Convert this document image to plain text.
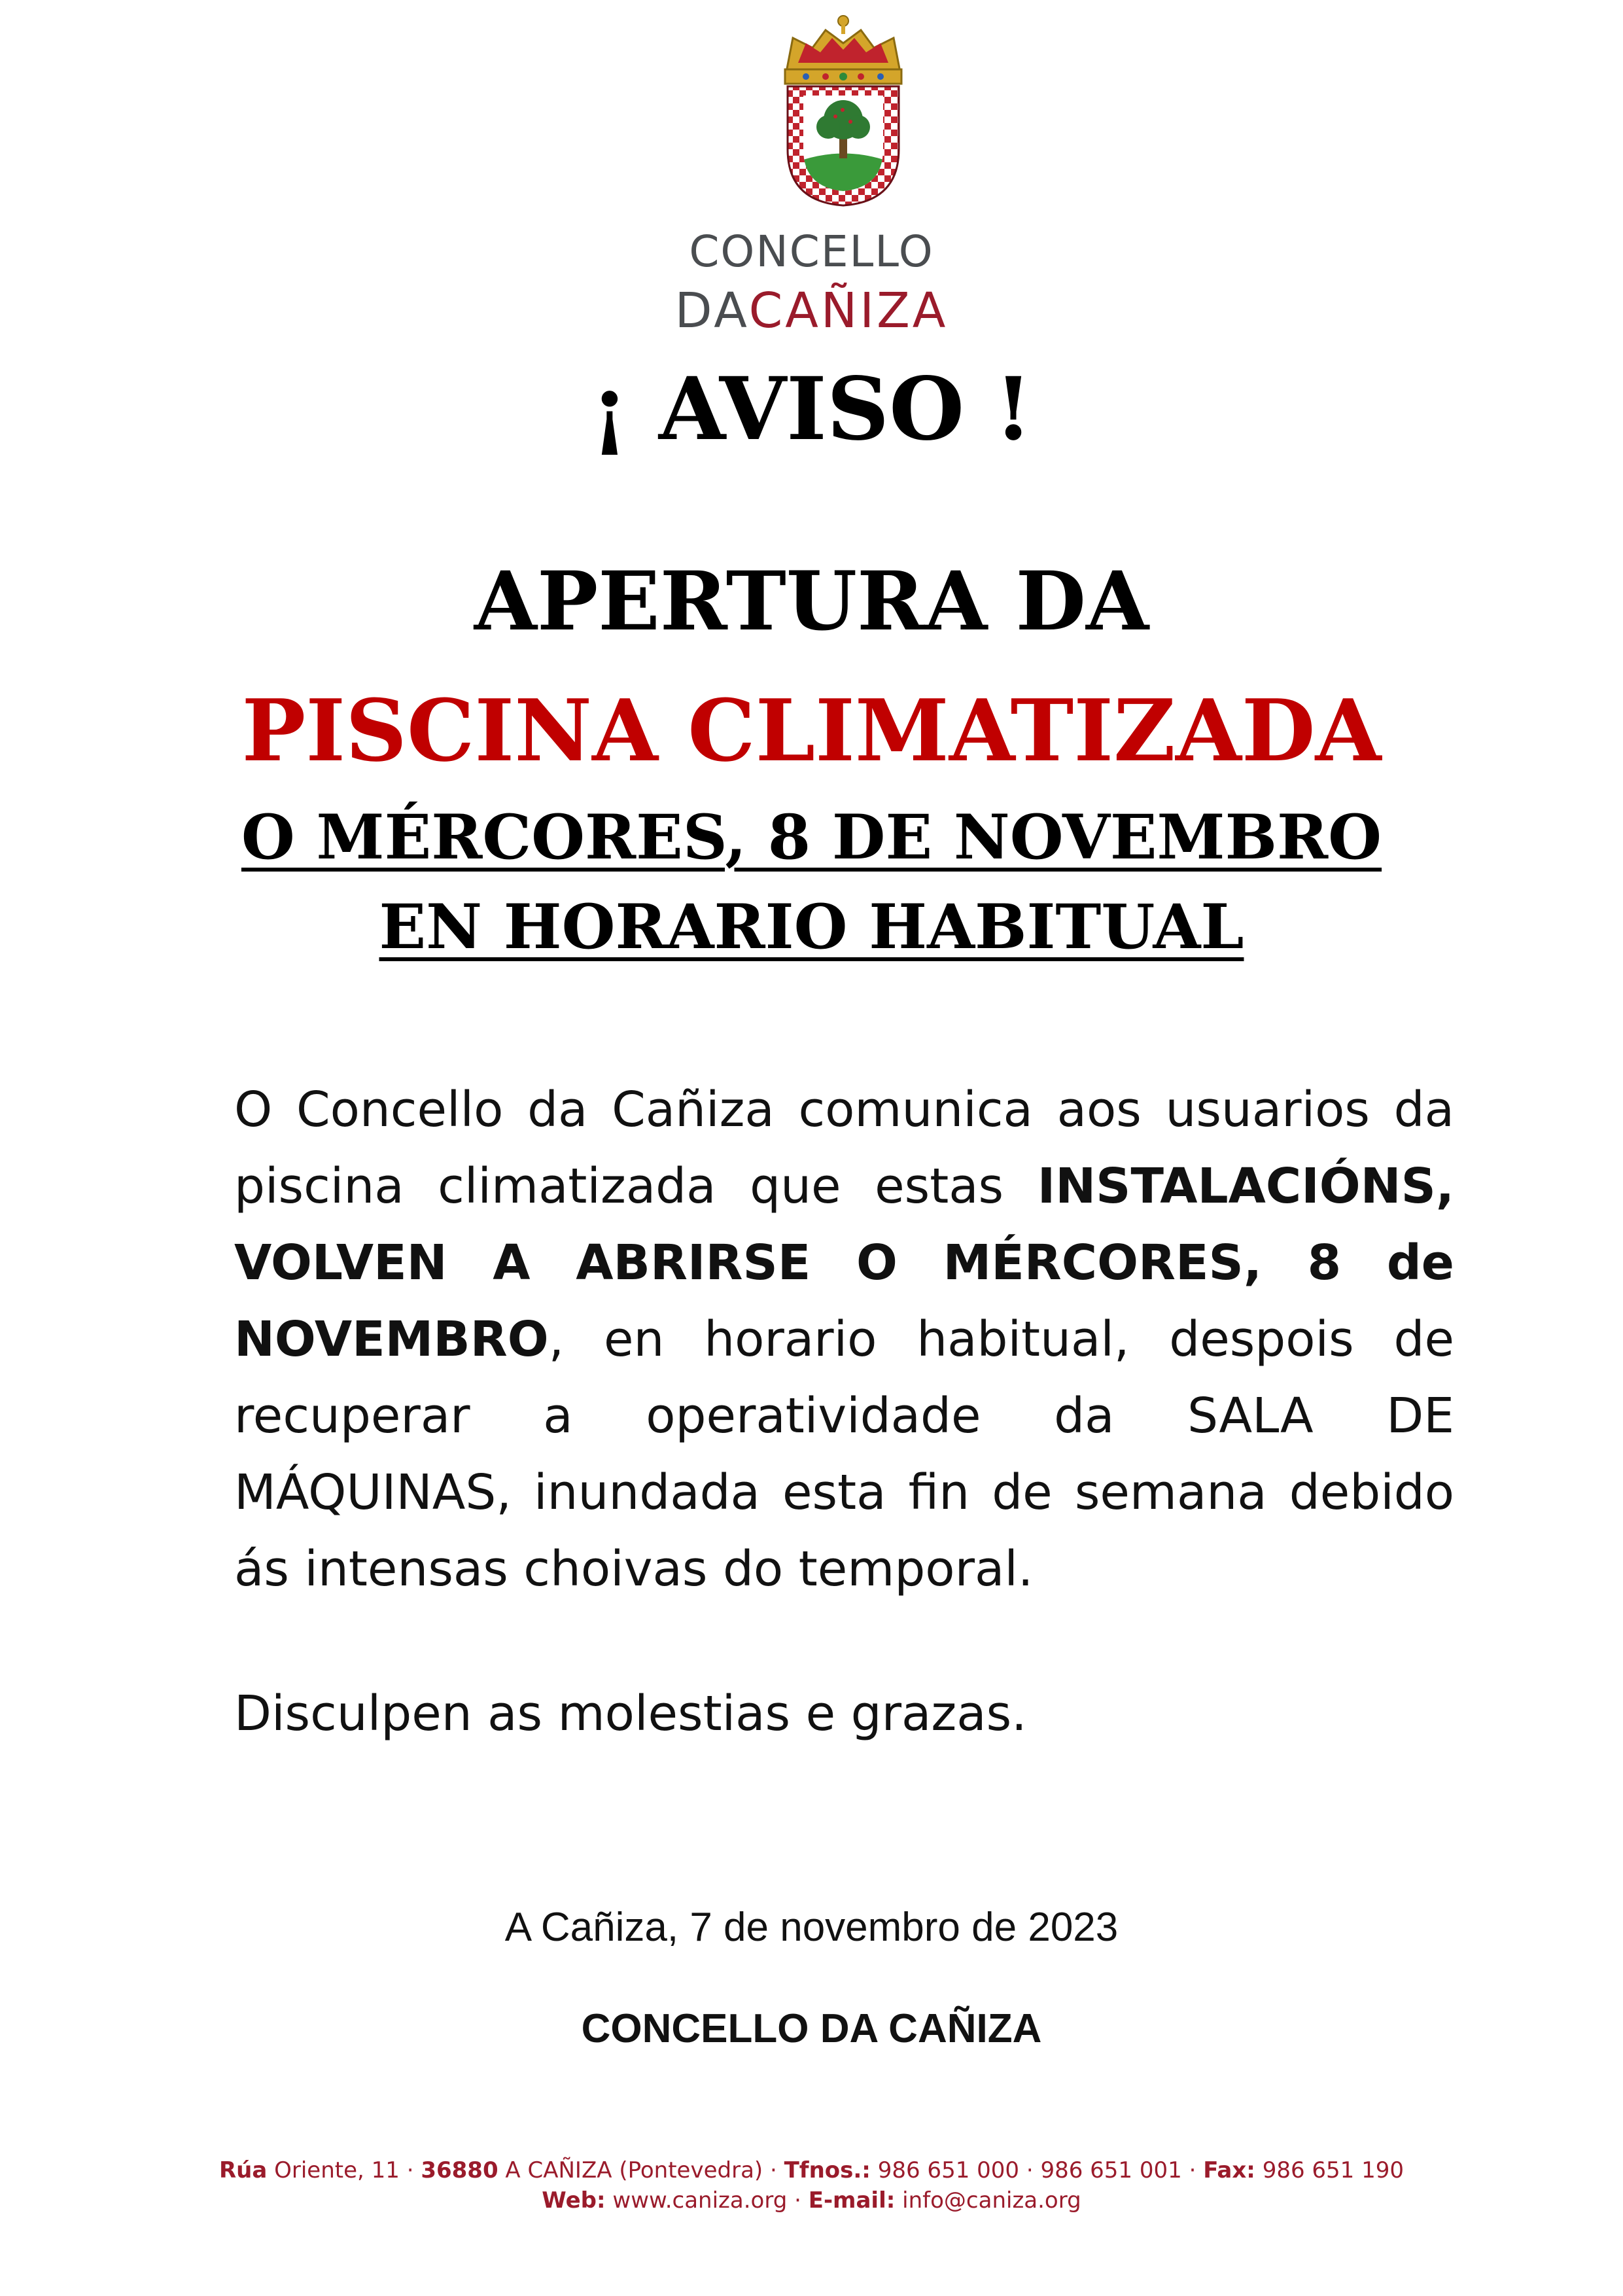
CONCELLO
DACAÑIZA
¡ AVISO !
APERTURA DA
PISCINA CLIMATIZADA
O MÉRCORES, 8 DE NOVEMBRO
EN HORARIO HABITUAL
O Concello da Cañiza comunica aos usuarios da piscina climatizada que estas INSTALACIÓNS, VOLVEN A ABRIRSE O MÉRCORES, 8 de NOVEMBRO, en horario habitual, despois de recuperar a operatividade da SALA DE MÁQUINAS, inundada esta fin de semana debido ás intensas choivas do temporal.
Disculpen as molestias e grazas.
A Cañiza, 7 de novembro de 2023
CONCELLO DA CAÑIZA
Rúa Oriente, 11 · 36880 A CAÑIZA (Pontevedra) · Tfnos.: 986 651 000 · 986 651 001 · Fax: 986 651 190
Web: www.caniza.org · E-mail: info@caniza.org
